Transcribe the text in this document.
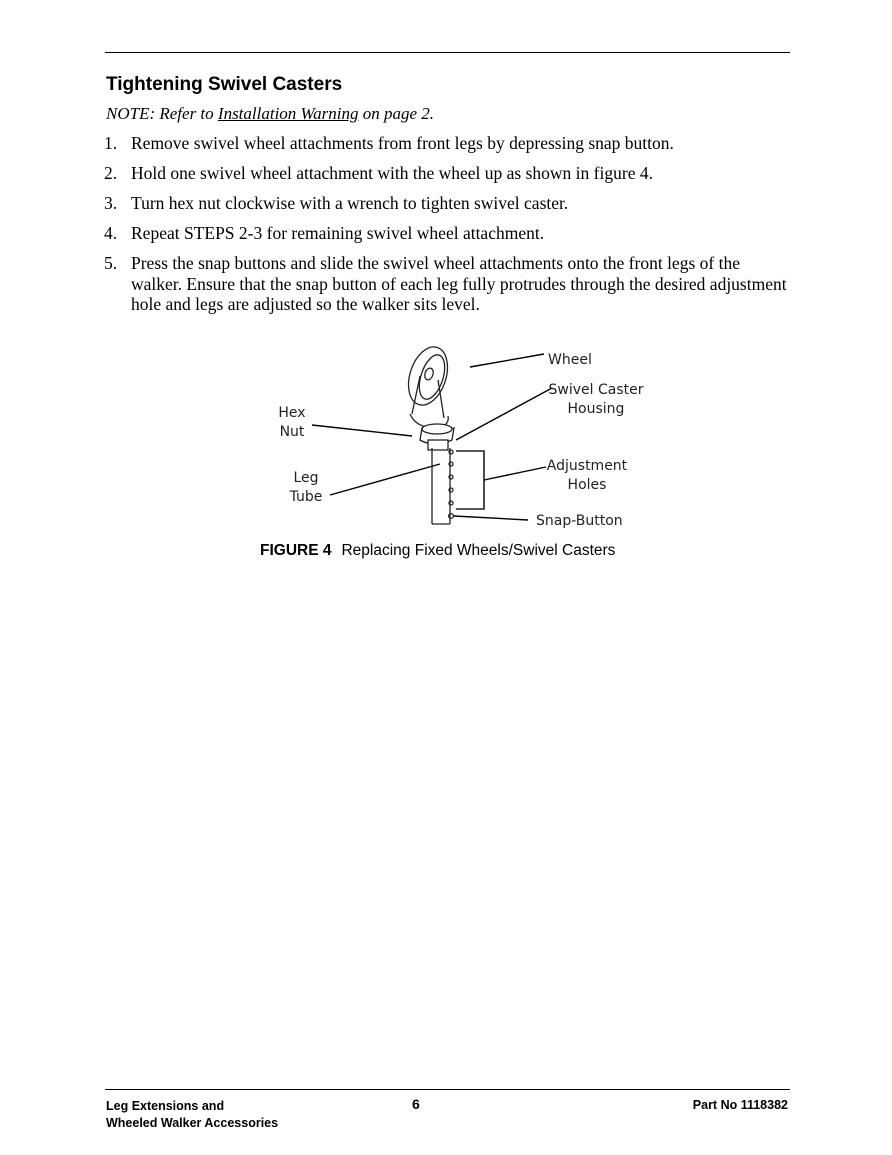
Tightening Swivel Casters
NOTE: Refer to Installation Warning on page 2.
1. Remove swivel wheel attachments from front legs by depressing snap button.
2. Hold one swivel wheel attachment with the wheel up as shown in figure 4.
3. Turn hex nut clockwise with a wrench to tighten swivel caster.
4. Repeat STEPS 2-3 for remaining swivel wheel attachment.
5. Press the snap buttons and slide the swivel wheel attachments onto the front legs of the walker. Ensure that the snap button of each leg fully protrudes through the desired adjustment hole and legs are adjusted so the walker sits level.
Wheel
Swivel Caster
Housing
Hex
Nut
Leg
Tube
Adjustment
Holes
Snap-Button
FIGURE 4 Replacing Fixed Wheels/Swivel Casters
Leg Extensions and
Wheeled Walker Accessories
6	Part No 1118382
